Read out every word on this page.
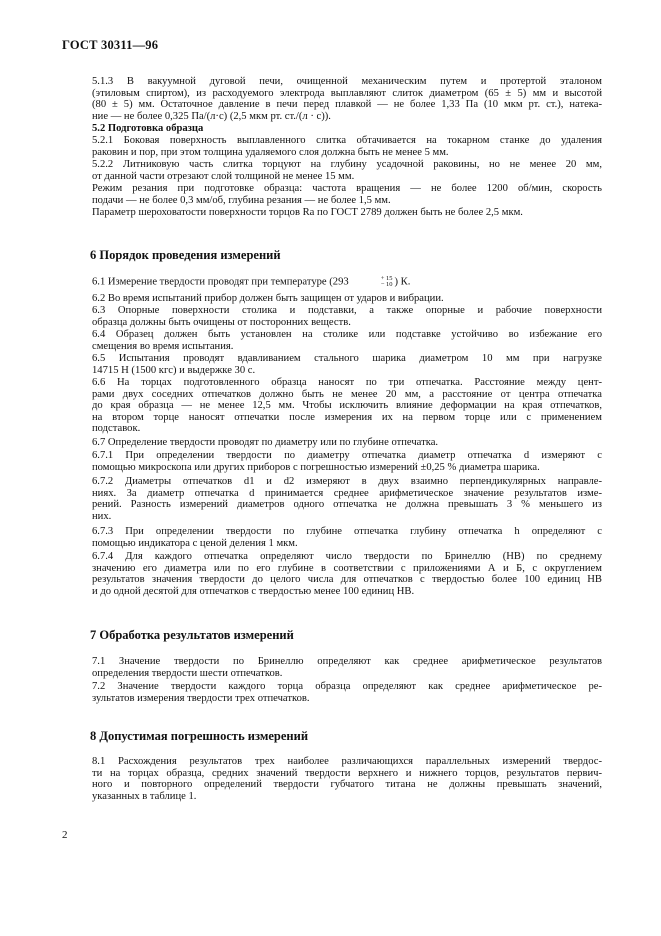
ГОСТ 30311—96

5.1.3 В вакуумной дуговой печи, очищенной механическим путем и протертой эталоном
(этиловым спиртом), из расходуемого электрода выплавляют слиток диаметром (65 ± 5) мм и высотой
(80 ± 5) мм. Остаточное давление в печи перед плавкой — не более 1,33 Па (10 мкм рт. ст.), натека-
ние — не более 0,325 Па/(л·с) (2,5 мкм рт. ст./(л · с)).

5.2 Подготовка образца

5.2.1 Боковая поверхность выплавленного слитка обтачивается на токарном станке до удаления
раковин и пор, при этом толщина удаляемого слоя должна быть не менее 5 мм.

5.2.2 Литниковую часть слитка торцуют на глубину усадочной раковины, но не менее 20 мм,
от данной части отрезают слой толщиной не менее 15 мм.

Режим резания при подготовке образца: частота вращения — не более 1200 об/мин, скорость
подачи — не более 0,3 мм/об, глубина резания — не более 1,5 мм.

Параметр шероховатости поверхности торцов Ra по ГОСТ 2789 должен быть не более 2,5 мкм.

6 Порядок проведения измерений

6.1 Измерение твердости проводят при температуре (293	+ 15
− 10 ) К.

6.2 Во время испытаний прибор должен быть защищен от ударов и вибрации.

6.3 Опорные поверхности столика и подставки, а также опорные и рабочие поверхности
образца должны быть очищены от посторонних веществ.

6.4 Образец должен быть установлен на столике или подставке устойчиво во избежание его
смещения во время испытания.

6.5 Испытания проводят вдавливанием стального шарика диаметром 10 мм при нагрузке
14715 Н (1500 кгс) и выдержке 30 с.

6.6 На торцах подготовленного образца наносят по три отпечатка. Расстояние между цент-
рами двух соседних отпечатков должно быть не менее 20 мм, а расстояние от центра отпечатка
до края образца — не менее 12,5 мм. Чтобы исключить влияние деформации на края отпечатков,
на втором торце наносят отпечатки после измерения их на первом торце или с применением
подставок.

6.7 Определение твердости проводят по диаметру или по глубине отпечатка.

6.7.1 При определении твердости по диаметру отпечатка диаметр отпечатка d измеряют с
помощью микроскопа или других приборов с погрешностью измерений ±0,25 % диаметра шарика.

6.7.2 Диаметры отпечатков d1 и d2 измеряют в двух взаимно перпендикулярных направле-
ниях. За диаметр отпечатка d принимается среднее арифметическое значение результатов изме-
рений. Разность измерений диаметров одного отпечатка не должна превышать 3 % меньшего из
них.

6.7.3 При определении твердости по глубине отпечатка глубину отпечатка h определяют с
помощью индикатора с ценой деления 1 мкм.

6.7.4 Для каждого отпечатка определяют число твердости по Бринеллю (НВ) по среднему
значению его диаметра или по его глубине в соответствии с приложениями А и Б, с округлением
результатов значения твердости до целого числа для отпечатков с твердостью более 100 единиц НВ
и до одной десятой для отпечатков с твердостью менее 100 единиц НВ.

7 Обработка результатов измерений

7.1 Значение твердости по Бринеллю определяют как среднее арифметическое результатов
определения твердости шести отпечатков.

7.2 Значение твердости каждого торца образца определяют как среднее арифметическое ре-
зультатов измерения твердости трех отпечатков.

8 Допустимая погрешность измерений

8.1 Расхождения результатов трех наиболее различающихся параллельных измерений твердос-
ти на торцах образца, средних значений твердости верхнего и нижнего торцов, результатов первич-
ного и повторного определений твердости губчатого титана не должны превышать значений,
указанных в таблице 1.

2
